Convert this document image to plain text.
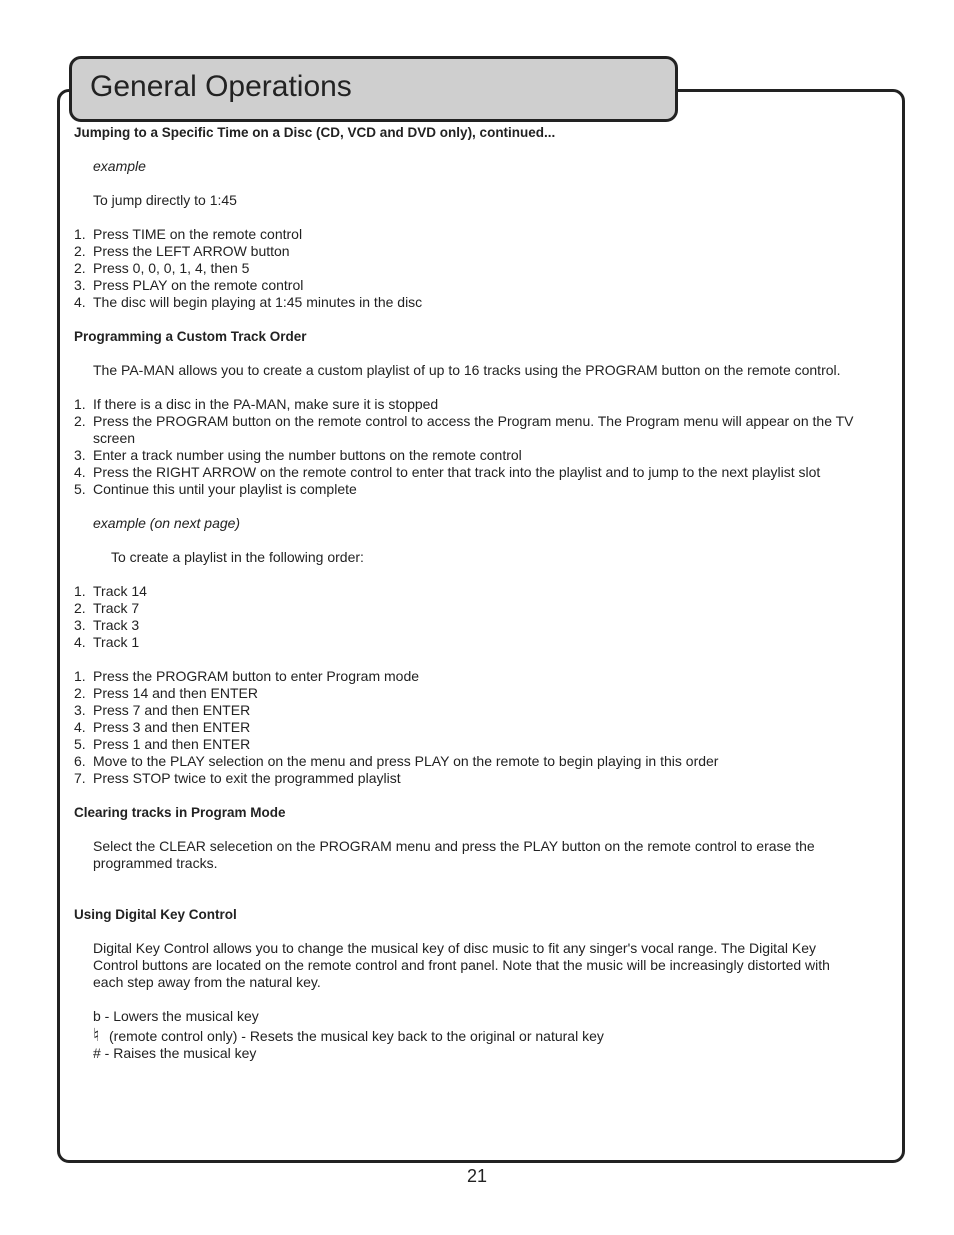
General Operations

Jumping to a Specific Time on a Disc (CD, VCD and DVD only), continued...

example

To jump directly to 1:45

1. Press TIME on the remote control
2. Press the LEFT ARROW button
2. Press 0, 0, 0, 1, 4, then 5
3. Press PLAY on the remote control
4. The disc will begin playing at 1:45 minutes in the disc

Programming a Custom Track Order

The PA-MAN allows you to create a custom playlist of up to 16 tracks using the PROGRAM button on the remote control.

1. If there is a disc in the PA-MAN, make sure it is stopped
2. Press the PROGRAM button on the remote control to access the Program menu. The Program menu will appear on the TV screen
3. Enter a track number using the number buttons on the remote control
4. Press the RIGHT ARROW on the remote control to enter that track into the playlist and to jump to the next playlist slot
5. Continue this until your playlist is complete

example (on next page)

To create a playlist in the following order:

1. Track 14
2. Track 7
3. Track 3
4. Track 1
1. Press the PROGRAM button to enter Program mode
2. Press 14 and then ENTER
3. Press 7 and then ENTER
4. Press 3 and then ENTER
5. Press 1 and then ENTER
6. Move to the PLAY selection on the menu and press PLAY on the remote to begin playing in this order
7. Press STOP twice to exit the programmed playlist

Clearing tracks in Program Mode

Select the CLEAR selecetion on the PROGRAM menu and press the PLAY button on the remote control to erase the programmed tracks.

Using Digital Key Control

Digital Key Control allows you to change the musical key of disc music to fit any singer's vocal range. The Digital Key Control buttons are located on the remote control and front panel. Note that the music will be increasingly distorted with each step away from the natural key.

b - Lowers the musical key

♮ (remote control only) - Resets the musical key back to the original or natural key

# - Raises the musical key

21
